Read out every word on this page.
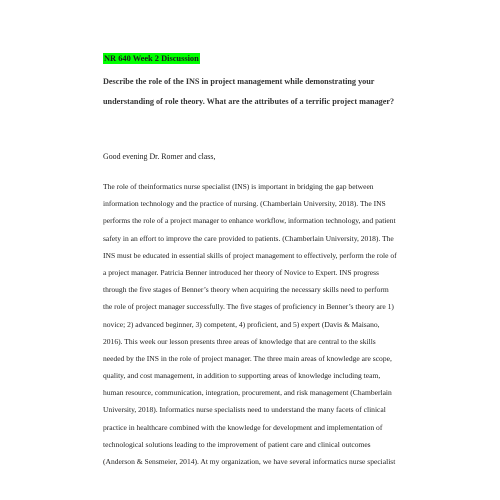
NR 640 Week 2 Discussion
Describe the role of the INS in project management while demonstrating your
understanding of role theory. What are the attributes of a terrific project manager?
Good evening Dr. Romer and class,
The role of theinformatics nurse specialist (INS) is important in bridging the gap between
information technology and the practice of nursing. (Chamberlain University, 2018). The INS
performs the role of a project manager to enhance workflow, information technology, and patient
safety in an effort to improve the care provided to patients. (Chamberlain University, 2018). The
INS must be educated in essential skills of project management to effectively, perform the role of
a project manager. Patricia Benner introduced her theory of Novice to Expert. INS progress
through the five stages of Benner’s theory when acquiring the necessary skills need to perform
the role of project manager successfully. The five stages of proficiency in Benner’s theory are 1)
novice; 2) advanced beginner, 3) competent, 4) proficient, and 5) expert (Davis & Maisano,
2016). This week our lesson presents three areas of knowledge that are central to the skills
needed by the INS in the role of project manager. The three main areas of knowledge are scope,
quality, and cost management, in addition to supporting areas of knowledge including team,
human resource, communication, integration, procurement, and risk management (Chamberlain
University, 2018). Informatics nurse specialists need to understand the many facets of clinical
practice in healthcare combined with the knowledge for development and implementation of
technological solutions leading to the improvement of patient care and clinical outcomes
(Anderson & Sensmeier, 2014). At my organization, we have several informatics nurse specialist
